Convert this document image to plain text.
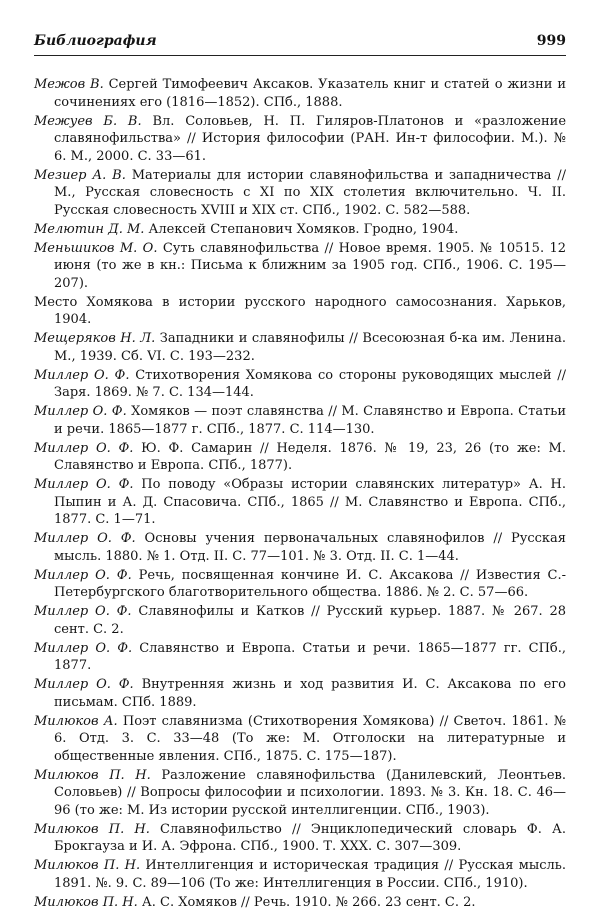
Библиография	999

Межов В. Сергей Тимофеевич Аксаков. Указатель книг и статей о жизни и сочинениях его (1816—1852). СПб., 1888.

Межуев Б. В. Вл. Соловьев, Н. П. Гиляров-Платонов и «разложение славянофильства» // История философии (РАН. Ин-т философии. М.). № 6. М., 2000. С. 33—61.

Мезиер А. В. Материалы для истории славянофильства и западничества // М., Русская словесность с XI по XIX столетия включительно. Ч. II. Русская словесность XVIII и XIX ст. СПб., 1902. С. 582—588.

Мелютин Д. М. Алексей Степанович Хомяков. Гродно, 1904.

Меньшиков М. О. Суть славянофильства // Новое время. 1905. № 10515. 12 июня (то же в кн.: Письма к ближним за 1905 год. СПб., 1906. С. 195—207).

Место Хомякова в истории русского народного самосознания. Харьков, 1904.

Мещеряков Н. Л. Западники и славянофилы // Всесоюзная б-ка им. Ленина. М., 1939. Сб. VI. С. 193—232.

Миллер О. Ф. Стихотворения Хомякова со стороны руководящих мыслей // Заря. 1869. № 7. С. 134—144.

Миллер О. Ф. Хомяков — поэт славянства // М. Славянство и Европа. Статьи и речи. 1865—1877 г. СПб., 1877. С. 114—130.

Миллер О. Ф. Ю. Ф. Самарин // Неделя. 1876. № 19, 23, 26 (то же: М. Славянство и Европа. СПб., 1877).

Миллер О. Ф. По поводу «Образы истории славянских литератур» А. Н. Пыпин и А. Д. Спасовича. СПб., 1865 // М. Славянство и Европа. СПб., 1877. С. 1—71.

Миллер О. Ф. Основы учения первоначальных славянофилов // Русская мысль. 1880. № 1. Отд. II. С. 77—101. № 3. Отд. II. С. 1—44.

Миллер О. Ф. Речь, посвященная кончине И. С. Аксакова // Известия С.-Петербургского благотворительного общества. 1886. № 2. С. 57—66.

Миллер О. Ф. Славянофилы и Катков // Русский курьер. 1887. № 267. 28 сент. С. 2.

Миллер О. Ф. Славянство и Европа. Статьи и речи. 1865—1877 гг. СПб., 1877.

Миллер О. Ф. Внутренняя жизнь и ход развития И. С. Аксакова по его письмам. СПб. 1889.

Милюков А. Поэт славянизма (Стихотворения Хомякова) // Светоч. 1861. № 6. Отд. 3. С. 33—48 (То же: М. Отголоски на литературные и общественные явления. СПб., 1875. С. 175—187).

Милюков П. Н. Разложение славянофильства (Данилевский, Леонтьев. Соловьев) // Вопросы философии и психологии. 1893. № 3. Кн. 18. С. 46—96 (то же: М. Из истории русской интеллигенции. СПб., 1903).

Милюков П. Н. Славянофильство // Энциклопедический словарь Ф. А. Брокгауза и И. А. Эфрона. СПб., 1900. Т. XXX. С. 307—309.

Милюков П. Н. Интеллигенция и историческая традиция // Русская мысль. 1891. №. 9. С. 89—106 (То же: Интеллигенция в России. СПб., 1910).

Милюков П. Н. А. С. Хомяков // Речь. 1910. № 266. 23 сент. С. 2.
